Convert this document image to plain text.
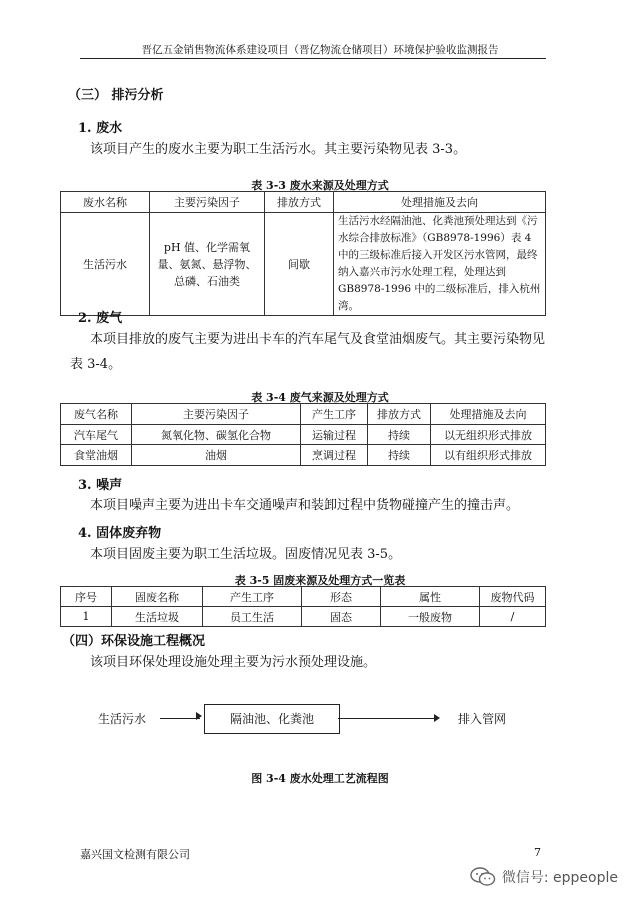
晋亿五金销售物流体系建设项目（晋亿物流仓储项目）环境保护验收监测报告
（三） 排污分析
1. 废水
该项目产生的废水主要为职工生活污水。其主要污染物见表 3-3。
表 3-3 废水来源及处理方式
废水名称	主要污染因子	排放方式	处理措施及去向
生活污水	pH 值、化学需氧量、氨氮、悬浮物、总磷、石油类	间歇	生活污水经隔油池、化粪池预处理达到《污水综合排放标准》（GB8978-1996）表 4 中的三级标准后接入开发区污水管网，最终纳入嘉兴市污水处理工程，处理达到 GB8978-1996 中的二级标准后，排入杭州湾。
2. 废气
本项目排放的废气主要为进出卡车的汽车尾气及食堂油烟废气。其主要污染物见表 3-4。
表 3-4 废气来源及处理方式
废气名称	主要污染因子	产生工序	排放方式	处理措施及去向
汽车尾气	氮氧化物、碳氢化合物	运输过程	持续	以无组织形式排放
食堂油烟	油烟	烹调过程	持续	以有组织形式排放
3. 噪声
本项目噪声主要为进出卡车交通噪声和装卸过程中货物碰撞产生的撞击声。
4. 固体废弃物
本项目固废主要为职工生活垃圾。固废情况见表 3-5。
表 3-5 固废来源及处理方式一览表
序号	固废名称	产生工序	形态	属性	废物代码
1	生活垃圾	员工生活	固态	一般废物	/
（四）环保设施工程概况
该项目环保处理设施处理主要为污水预处理设施。
生活污水	隔油池、化粪池	排入管网
图 3-4 废水处理工艺流程图
嘉兴国文检测有限公司	7
微信号: eppeople
